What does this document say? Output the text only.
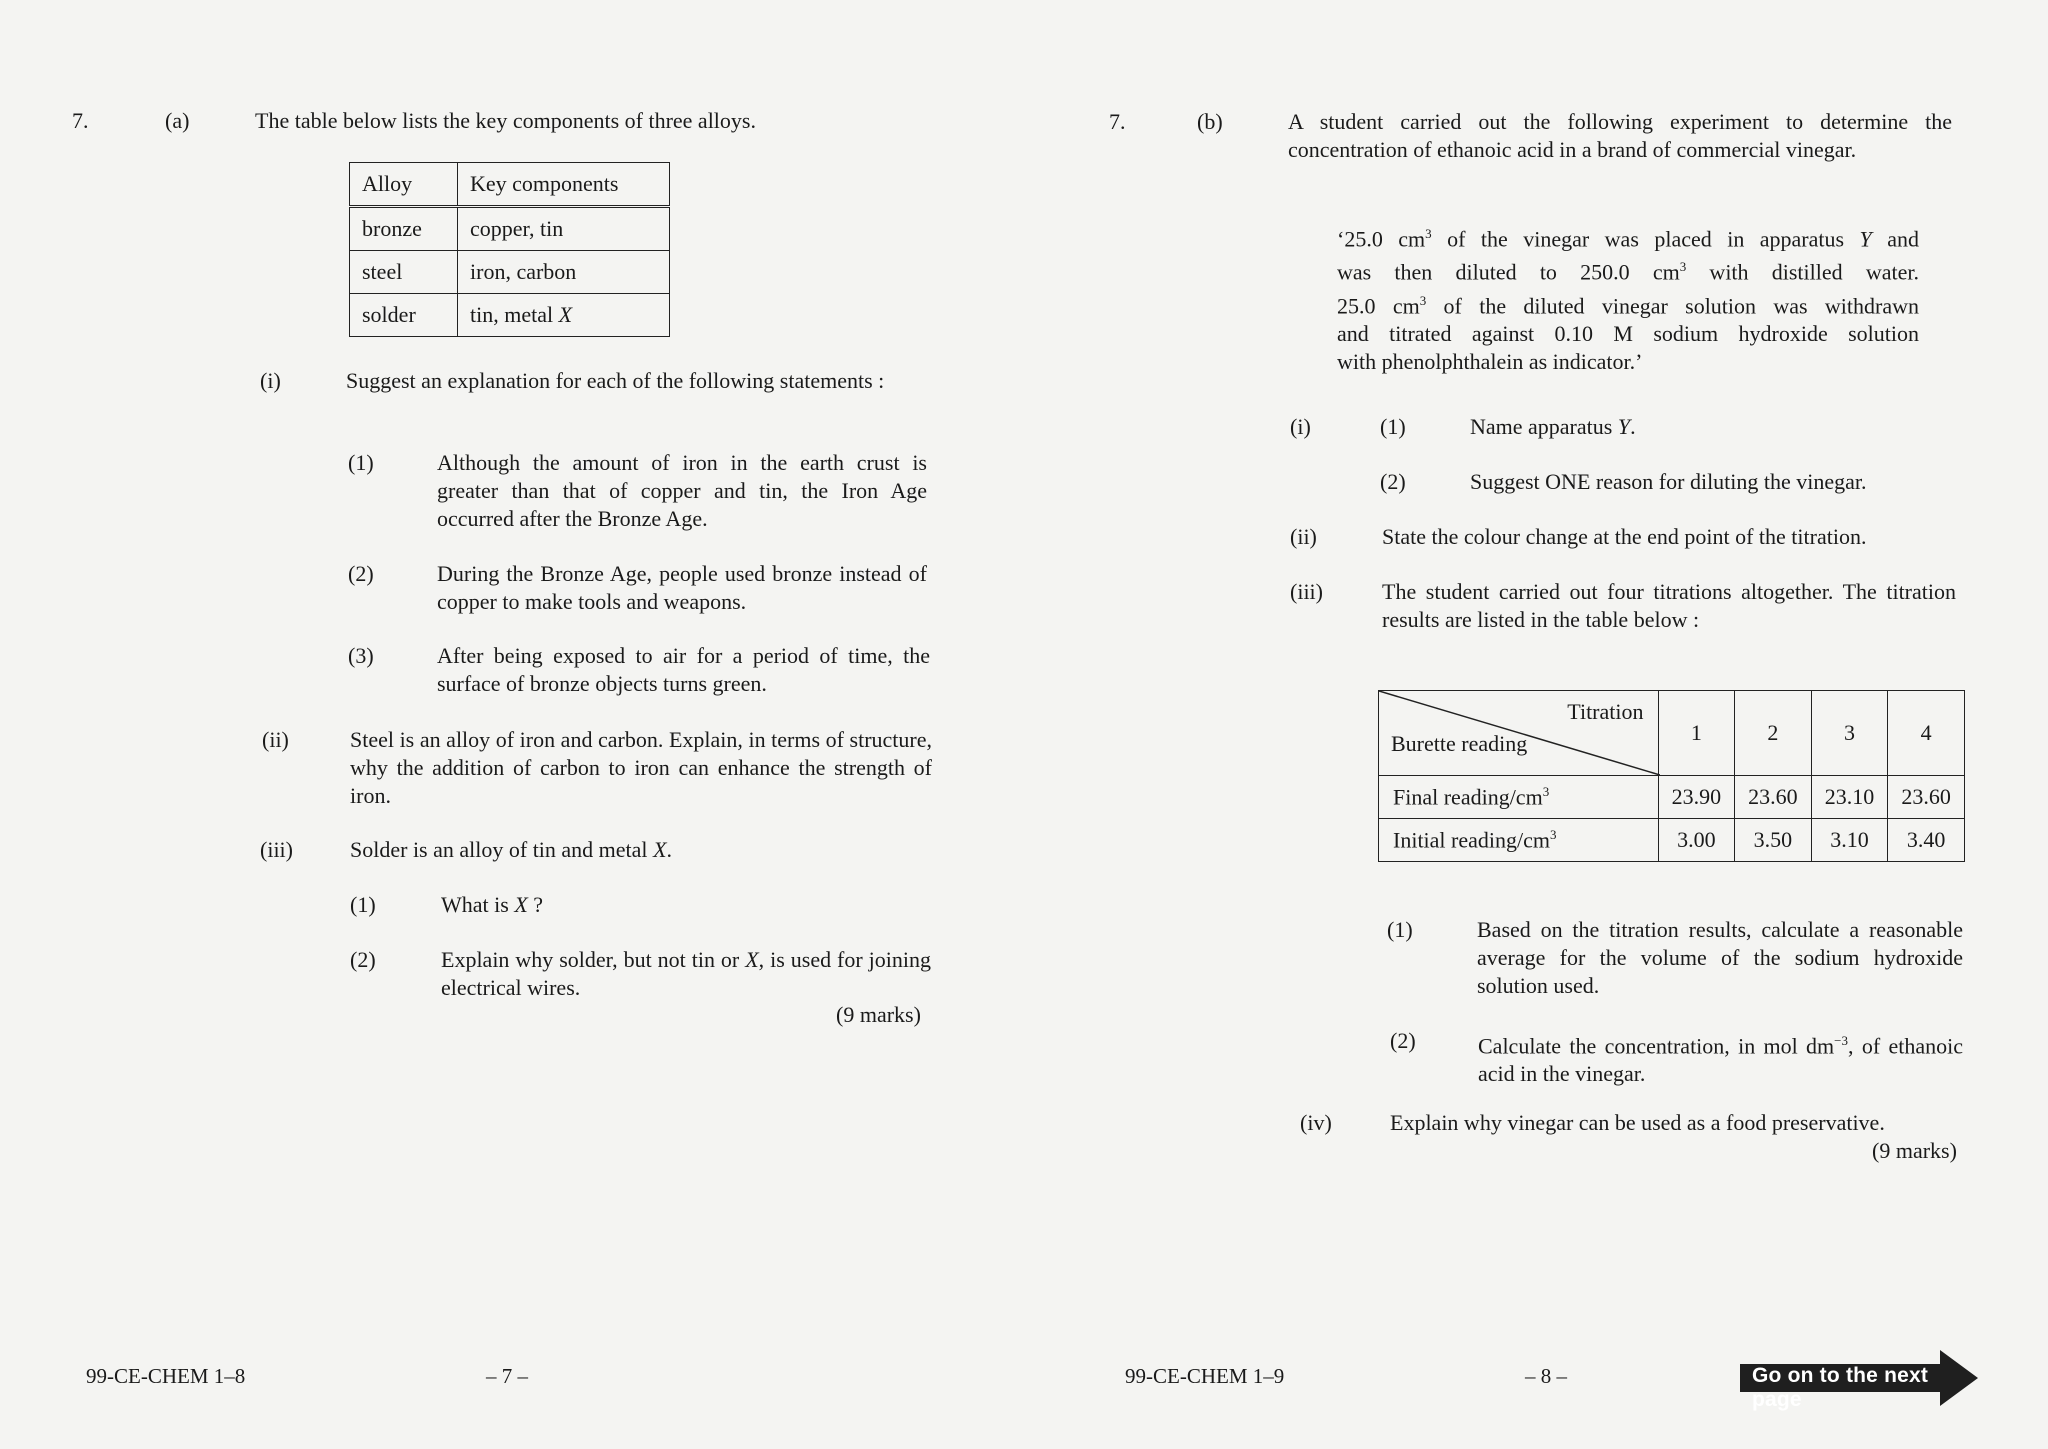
7.	(a)	The table below lists the key components of three alloys.
Alloy	Key components
bronze	copper, tin
steel	iron, carbon
solder	tin, metal X
(i)	Suggest an explanation for each of the following statements :
(1)	Although the amount of iron in the earth crust is greater than that of copper and tin, the Iron Age occurred after the Bronze Age.
(2)	During the Bronze Age, people used bronze instead of copper to make tools and weapons.
(3)	After being exposed to air for a period of time, the surface of bronze objects turns green.
(ii)	Steel is an alloy of iron and carbon. Explain, in terms of structure, why the addition of carbon to iron can enhance the strength of iron.
(iii)	Solder is an alloy of tin and metal X.
(1)	What is X ?
(2)	Explain why solder, but not tin or X, is used for joining electrical wires.
(9 marks)
99-CE-CHEM 1–8	– 7 –
7.	(b)	A student carried out the following experiment to determine the concentration of ethanoic acid in a brand of commercial vinegar.
‘25.0 $cm^3$ of the vinegar was placed in apparatus Y and
was then diluted to 250.0 $cm^3$ with distilled water.
25.0 $cm^3$ of the diluted vinegar solution was withdrawn
and titrated against 0.10 M sodium hydroxide solution
with phenolphthalein as indicator.’
(i)	(1)	Name apparatus Y.
(2)	Suggest ONE reason for diluting the vinegar.
(ii)	State the colour change at the end point of the titration.
(iii)	The student carried out four titrations altogether. The titration results are listed in the table below :
Titration
Burette reading	1	2	3	4
Final reading/$cm^3$	23.90	23.60	23.10	23.60
Initial reading/$cm^3$	3.00	3.50	3.10	3.40
(1)	Based on the titration results, calculate a reasonable average for the volume of the sodium hydroxide solution used.
(2)	Calculate the concentration, in mol $dm^{-3}$, of ethanoic acid in the vinegar.
(iv)	Explain why vinegar can be used as a food preservative.
(9 marks)
99-CE-CHEM 1–9	– 8 –	Go on to the next page
